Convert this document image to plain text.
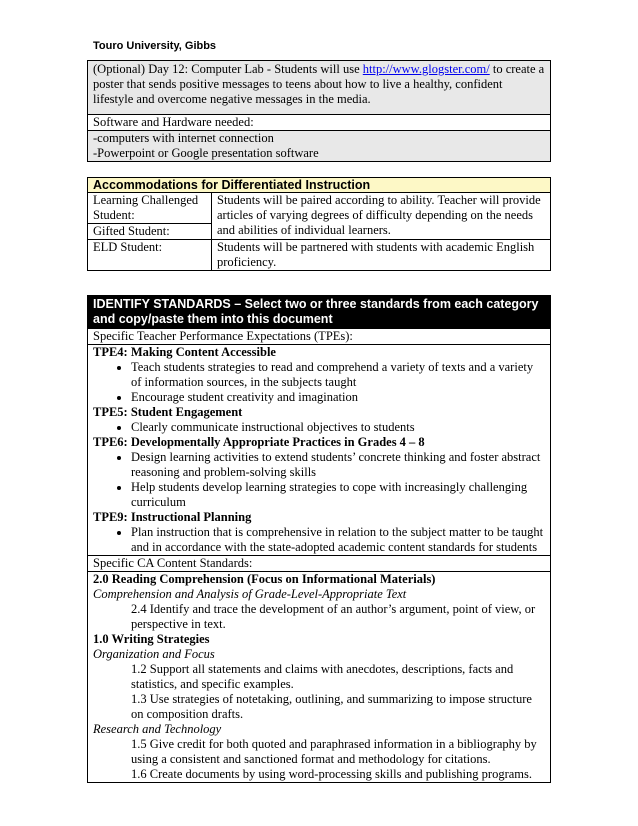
Touro University, Gibbs
(Optional) Day 12: Computer Lab - Students will use http://www.glogster.com/ to create a poster that sends positive messages to teens about how to live a healthy, confident lifestyle and overcome negative messages in the media.
Software and Hardware needed:

-computers with internet connection
-Powerpoint or Google presentation software
Accommodations for Differentiated Instruction	
Learning Challenged Student:	Students will be paired according to ability. Teacher will provide articles of varying degrees of difficulty depending on the needs and abilities of individual learners.
Gifted Student:	
ELD Student:	Students will be partnered with students with academic English proficiency.
IDENTIFY STANDARDS – Select two or three standards from each category and copy/paste them into this document
Specific Teacher Performance Expectations (TPEs):

TPE4: Making Content Accessible
• Teach students strategies to read and comprehend a variety of texts and a variety of information sources, in the subjects taught
• Encourage student creativity and imagination
TPE5: Student Engagement
• Clearly communicate instructional objectives to students
TPE6: Developmentally Appropriate Practices in Grades 4 – 8
• Design learning activities to extend students’ concrete thinking and foster abstract reasoning and problem-solving skills
• Help students develop learning strategies to cope with increasingly challenging curriculum
TPE9: Instructional Planning
• Plan instruction that is comprehensive in relation to the subject matter to be taught and in accordance with the state-adopted academic content standards for students

Specific CA Content Standards:

2.0 Reading Comprehension (Focus on Informational Materials)
Comprehension and Analysis of Grade-Level-Appropriate Text
2.4 Identify and trace the development of an author’s argument, point of view, or perspective in text.
1.0 Writing Strategies
Organization and Focus
1.2 Support all statements and claims with anecdotes, descriptions, facts and statistics, and specific examples.
1.3 Use strategies of notetaking, outlining, and summarizing to impose structure on composition drafts.
Research and Technology
1.5 Give credit for both quoted and paraphrased information in a bibliography by using a consistent and sanctioned format and methodology for citations.
1.6 Create documents by using word-processing skills and publishing programs.
